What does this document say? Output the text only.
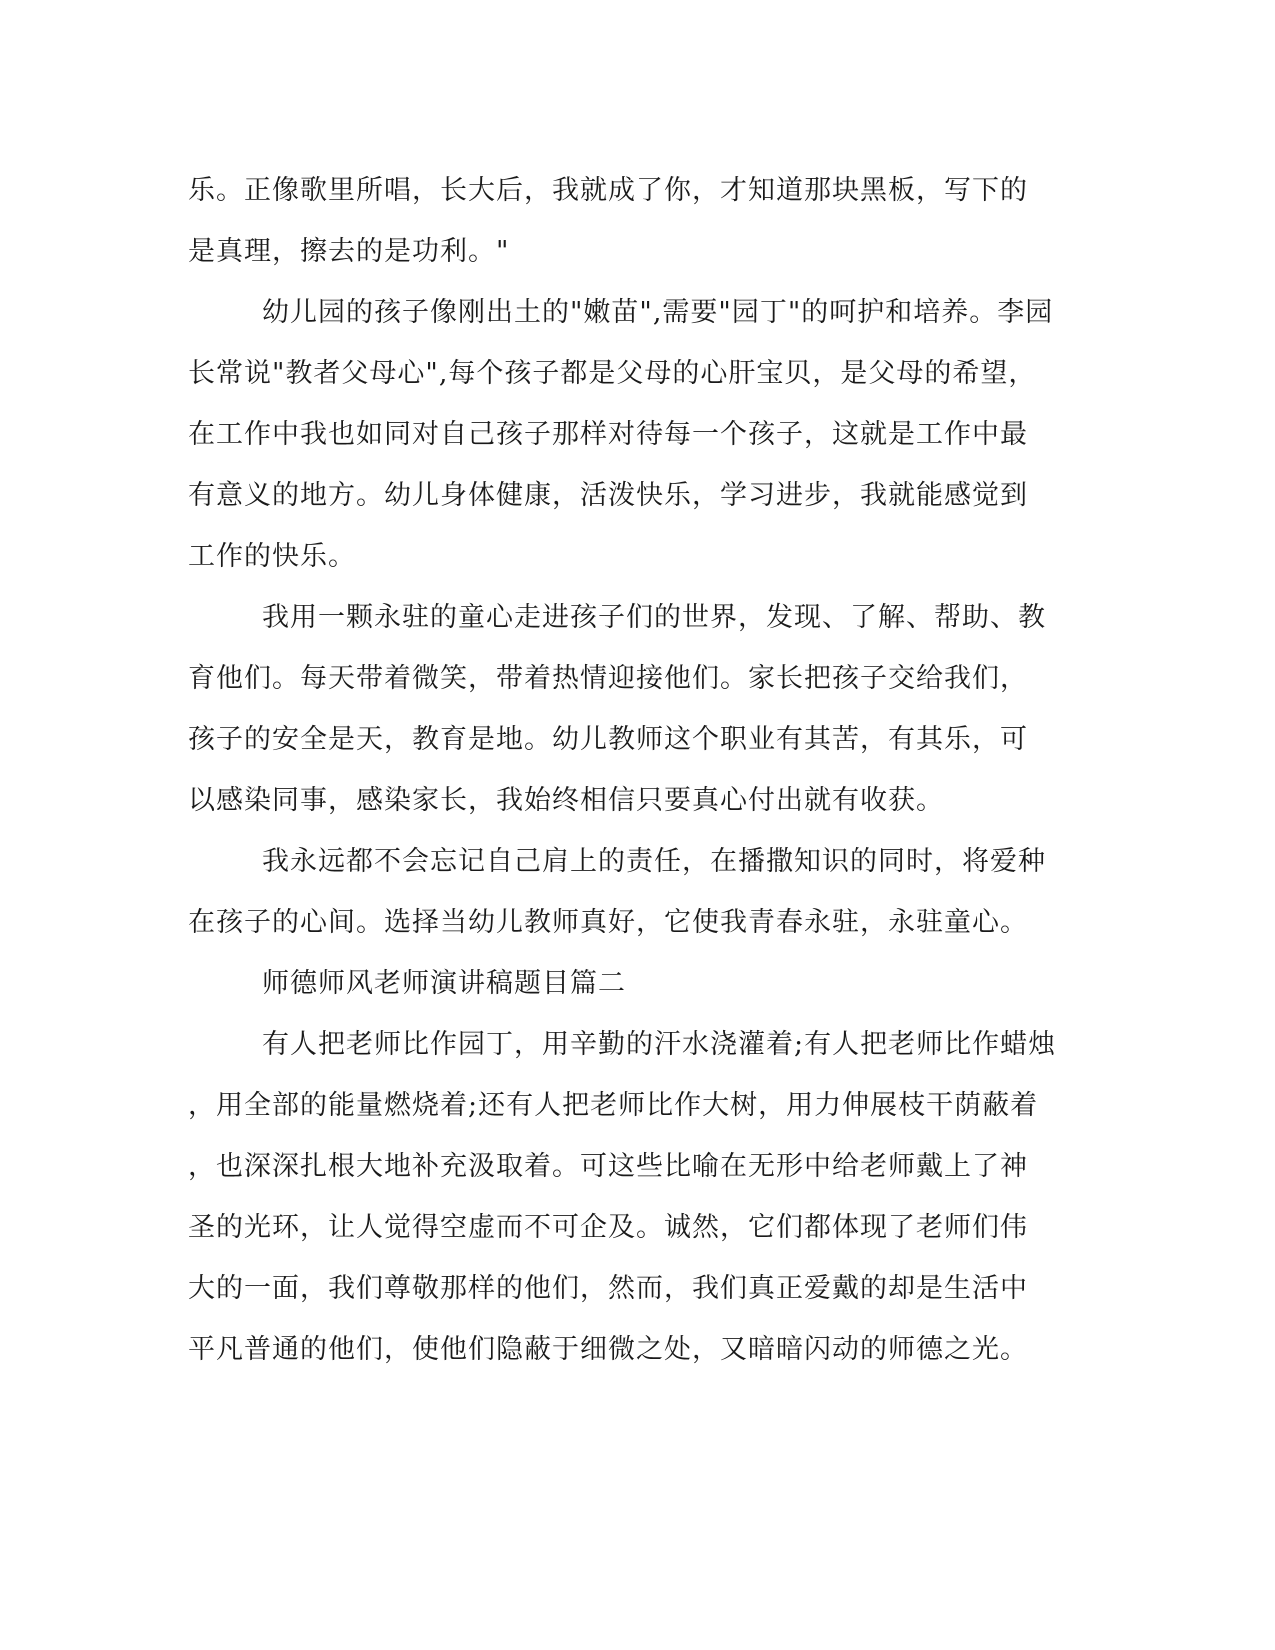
乐。正像歌里所唱，长大后，我就成了你，才知道那块黑板，写下的
是真理，擦去的是功利。"
幼儿园的孩子像刚出土的"嫩苗",需要"园丁"的呵护和培养。李园
长常说"教者父母心",每个孩子都是父母的心肝宝贝，是父母的希望，
在工作中我也如同对自己孩子那样对待每一个孩子，这就是工作中最
有意义的地方。幼儿身体健康，活泼快乐，学习进步，我就能感觉到
工作的快乐。
我用一颗永驻的童心走进孩子们的世界，发现、了解、帮助、教
育他们。每天带着微笑，带着热情迎接他们。家长把孩子交给我们，
孩子的安全是天，教育是地。幼儿教师这个职业有其苦，有其乐，可
以感染同事，感染家长，我始终相信只要真心付出就有收获。
我永远都不会忘记自己肩上的责任，在播撒知识的同时，将爱种
在孩子的心间。选择当幼儿教师真好，它使我青春永驻，永驻童心。
师德师风老师演讲稿题目篇二
有人把老师比作园丁，用辛勤的汗水浇灌着;有人把老师比作蜡烛
，用全部的能量燃烧着;还有人把老师比作大树，用力伸展枝干荫蔽着
，也深深扎根大地补充汲取着。可这些比喻在无形中给老师戴上了神
圣的光环，让人觉得空虚而不可企及。诚然，它们都体现了老师们伟
大的一面，我们尊敬那样的他们，然而，我们真正爱戴的却是生活中
平凡普通的他们，使他们隐蔽于细微之处，又暗暗闪动的师德之光。
